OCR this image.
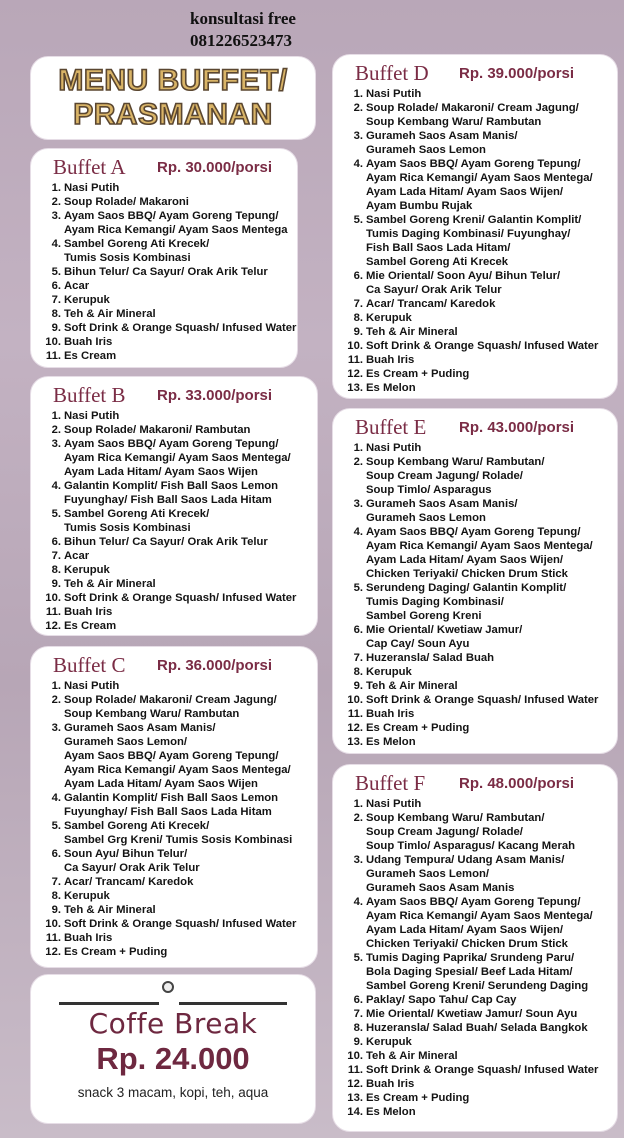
konsultasi free
081226523473
MENU BUFFET/
PRASMANAN
Buffet A Rp. 30.000/porsi
1. Nasi Putih
2. Soup Rolade/ Makaroni
3. Ayam Saos BBQ/ Ayam Goreng Tepung/
Ayam Rica Kemangi/ Ayam Saos Mentega
4. Sambel Goreng Ati Krecek/
Tumis Sosis Kombinasi
5. Bihun Telur/ Ca Sayur/ Orak Arik Telur
6. Acar
7. Kerupuk
8. Teh & Air Mineral
9. Soft Drink & Orange Squash/ Infused Water
10. Buah Iris
11. Es Cream
Buffet B Rp. 33.000/porsi
1. Nasi Putih
2. Soup Rolade/ Makaroni/ Rambutan
3. Ayam Saos BBQ/ Ayam Goreng Tepung/
Ayam Rica Kemangi/ Ayam Saos Mentega/
Ayam Lada Hitam/ Ayam Saos Wijen
4. Galantin Komplit/ Fish Ball Saos Lemon
Fuyunghay/ Fish Ball Saos Lada Hitam
5. Sambel Goreng Ati Krecek/
Tumis Sosis Kombinasi
6. Bihun Telur/ Ca Sayur/ Orak Arik Telur
7. Acar
8. Kerupuk
9. Teh & Air Mineral
10. Soft Drink & Orange Squash/ Infused Water
11. Buah Iris
12. Es Cream
Buffet C Rp. 36.000/porsi
1. Nasi Putih
2. Soup Rolade/ Makaroni/ Cream Jagung/
Soup Kembang Waru/ Rambutan
3. Gurameh Saos Asam Manis/
Gurameh Saos Lemon/
Ayam Saos BBQ/ Ayam Goreng Tepung/
Ayam Rica Kemangi/ Ayam Saos Mentega/
Ayam Lada Hitam/ Ayam Saos Wijen
4. Galantin Komplit/ Fish Ball Saos Lemon
Fuyunghay/ Fish Ball Saos Lada Hitam
5. Sambel Goreng Ati Krecek/
Sambel Grg Kreni/ Tumis Sosis Kombinasi
6. Soun Ayu/ Bihun Telur/
Ca Sayur/ Orak Arik Telur
7. Acar/ Trancam/ Karedok
8. Kerupuk
9. Teh & Air Mineral
10. Soft Drink & Orange Squash/ Infused Water
11. Buah Iris
12. Es Cream + Puding
Buffet D Rp. 39.000/porsi
1. Nasi Putih
2. Soup Rolade/ Makaroni/ Cream Jagung/
Soup Kembang Waru/ Rambutan
3. Gurameh Saos Asam Manis/
Gurameh Saos Lemon
4. Ayam Saos BBQ/ Ayam Goreng Tepung/
Ayam Rica Kemangi/ Ayam Saos Mentega/
Ayam Lada Hitam/ Ayam Saos Wijen/
Ayam Bumbu Rujak
5. Sambel Goreng Kreni/ Galantin Komplit/
Tumis Daging Kombinasi/ Fuyunghay/
Fish Ball Saos Lada Hitam/
Sambel Goreng Ati Krecek
6. Mie Oriental/ Soon Ayu/ Bihun Telur/
Ca Sayur/ Orak Arik Telur
7. Acar/ Trancam/ Karedok
8. Kerupuk
9. Teh & Air Mineral
10. Soft Drink & Orange Squash/ Infused Water
11. Buah Iris
12. Es Cream + Puding
13. Es Melon
Buffet E Rp. 43.000/porsi
1. Nasi Putih
2. Soup Kembang Waru/ Rambutan/
Soup Cream Jagung/ Rolade/
Soup Timlo/ Asparagus
3. Gurameh Saos Asam Manis/
Gurameh Saos Lemon
4. Ayam Saos BBQ/ Ayam Goreng Tepung/
Ayam Rica Kemangi/ Ayam Saos Mentega/
Ayam Lada Hitam/ Ayam Saos Wijen/
Chicken Teriyaki/ Chicken Drum Stick
5. Serundeng Daging/ Galantin Komplit/
Tumis Daging Kombinasi/
Sambel Goreng Kreni
6. Mie Oriental/ Kwetiaw Jamur/
Cap Cay/ Soun Ayu
7. Huzeransla/ Salad Buah
8. Kerupuk
9. Teh & Air Mineral
10. Soft Drink & Orange Squash/ Infused Water
11. Buah Iris
12. Es Cream + Puding
13. Es Melon
Buffet F Rp. 48.000/porsi
1. Nasi Putih
2. Soup Kembang Waru/ Rambutan/
Soup Cream Jagung/ Rolade/
Soup Timlo/ Asparagus/ Kacang Merah
3. Udang Tempura/ Udang Asam Manis/
Gurameh Saos Lemon/
Gurameh Saos Asam Manis
4. Ayam Saos BBQ/ Ayam Goreng Tepung/
Ayam Rica Kemangi/ Ayam Saos Mentega/
Ayam Lada Hitam/ Ayam Saos Wijen/
Chicken Teriyaki/ Chicken Drum Stick
5. Tumis Daging Paprika/ Srundeng Paru/
Bola Daging Spesial/ Beef Lada Hitam/
Sambel Goreng Kreni/ Serundeng Daging
6. Paklay/ Sapo Tahu/ Cap Cay
7. Mie Oriental/ Kwetiaw Jamur/ Soun Ayu
8. Huzeransla/ Salad Buah/ Selada Bangkok
9. Kerupuk
10. Teh & Air Mineral
11. Soft Drink & Orange Squash/ Infused Water
12. Buah Iris
13. Es Cream + Puding
14. Es Melon
Coffe Break
Rp. 24.000
snack 3 macam, kopi, teh, aqua
